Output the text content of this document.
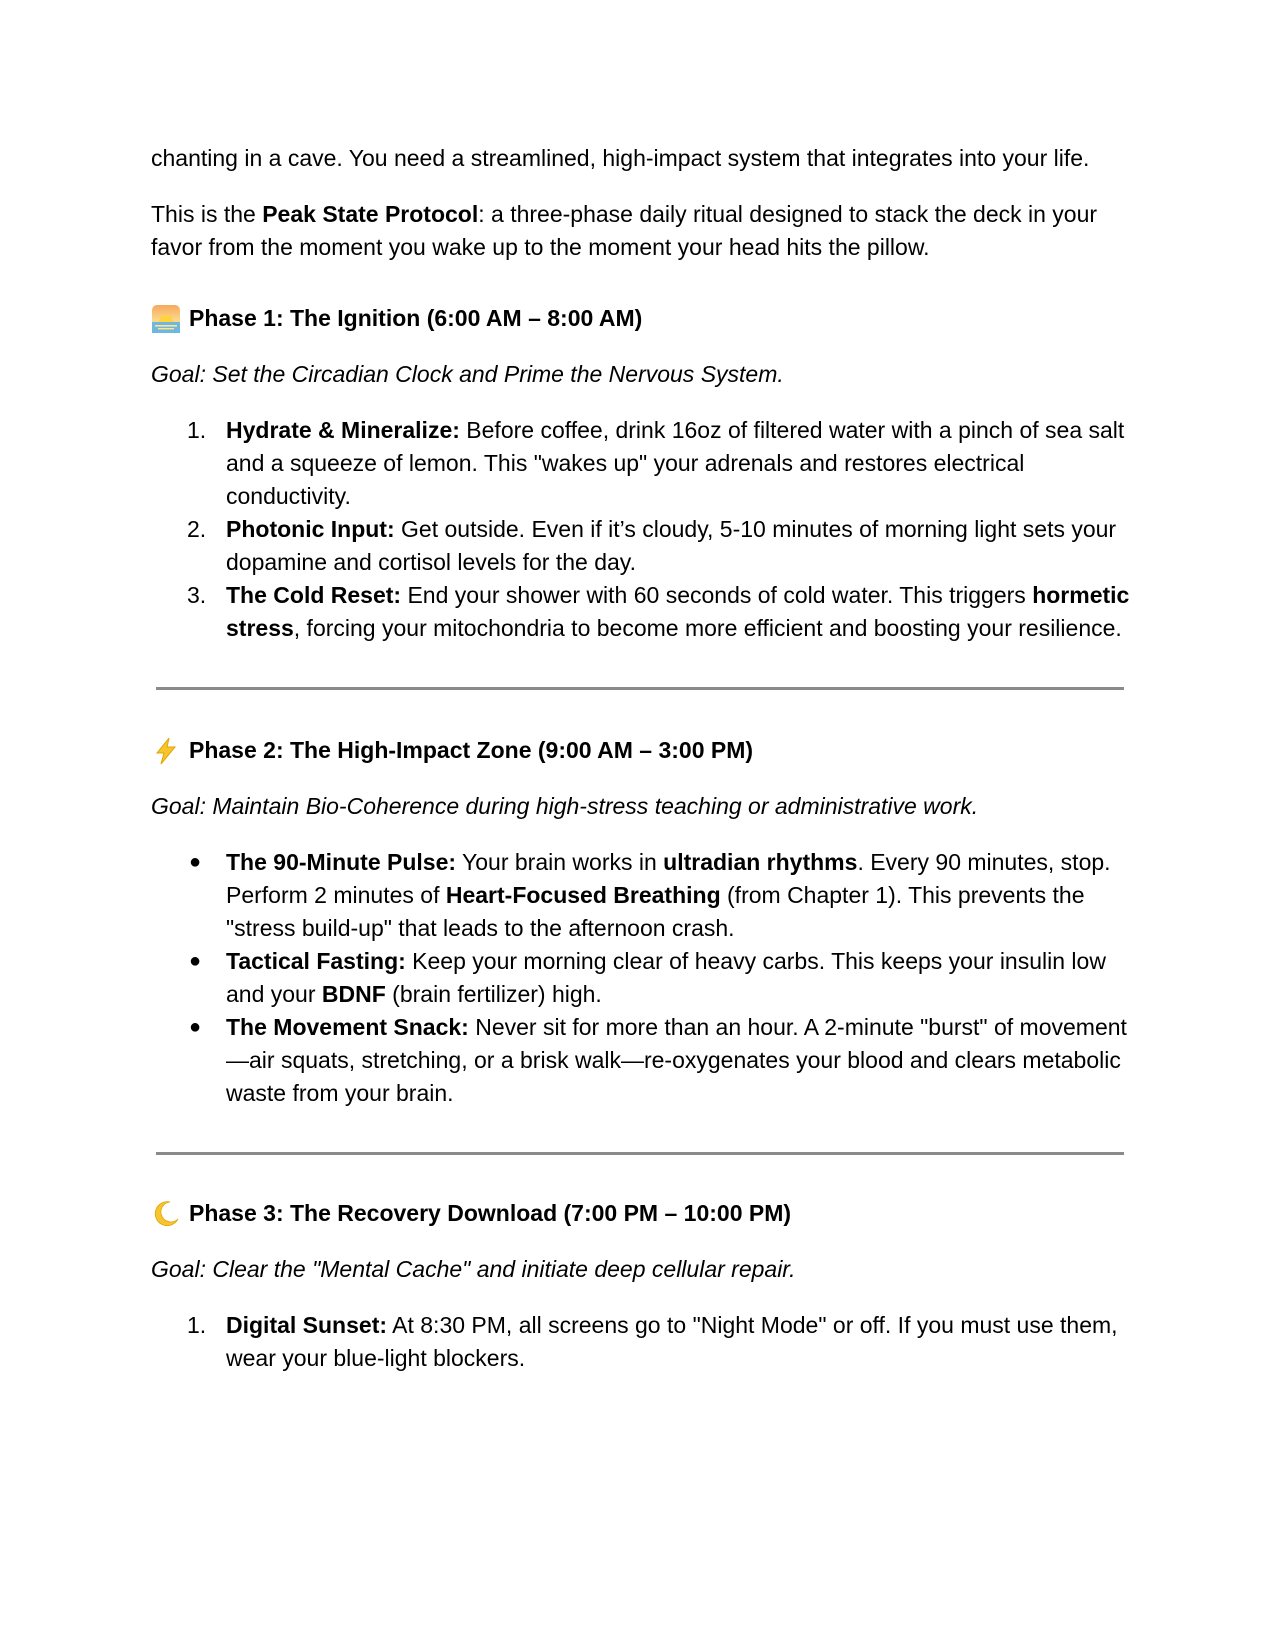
chanting in a cave. You need a streamlined, high-impact system that integrates into your life.

This is the Peak State Protocol: a three-phase daily ritual designed to stack the deck in your favor from the moment you wake up to the moment your head hits the pillow.

Phase 1: The Ignition (6:00 AM – 8:00 AM)

Goal: Set the Circadian Clock and Prime the Nervous System.

1. Hydrate & Mineralize: Before coffee, drink 16oz of filtered water with a pinch of sea salt and a squeeze of lemon. This "wakes up" your adrenals and restores electrical conductivity.
2. Photonic Input: Get outside. Even if it’s cloudy, 5-10 minutes of morning light sets your dopamine and cortisol levels for the day.
3. The Cold Reset: End your shower with 60 seconds of cold water. This triggers hormetic stress, forcing your mitochondria to become more efficient and boosting your resilience.
Phase 2: The High-Impact Zone (9:00 AM – 3:00 PM)

Goal: Maintain Bio-Coherence during high-stress teaching or administrative work.

● The 90-Minute Pulse: Your brain works in ultradian rhythms. Every 90 minutes, stop. Perform 2 minutes of Heart-Focused Breathing (from Chapter 1). This prevents the "stress build-up" that leads to the afternoon crash.
● Tactical Fasting: Keep your morning clear of heavy carbs. This keeps your insulin low and your BDNF (brain fertilizer) high.
● The Movement Snack: Never sit for more than an hour. A 2-minute "burst" of movement—air squats, stretching, or a brisk walk—re-oxygenates your blood and clears metabolic waste from your brain.
Phase 3: The Recovery Download (7:00 PM – 10:00 PM)

Goal: Clear the "Mental Cache" and initiate deep cellular repair.

1. Digital Sunset: At 8:30 PM, all screens go to "Night Mode" or off. If you must use them, wear your blue-light blockers.
